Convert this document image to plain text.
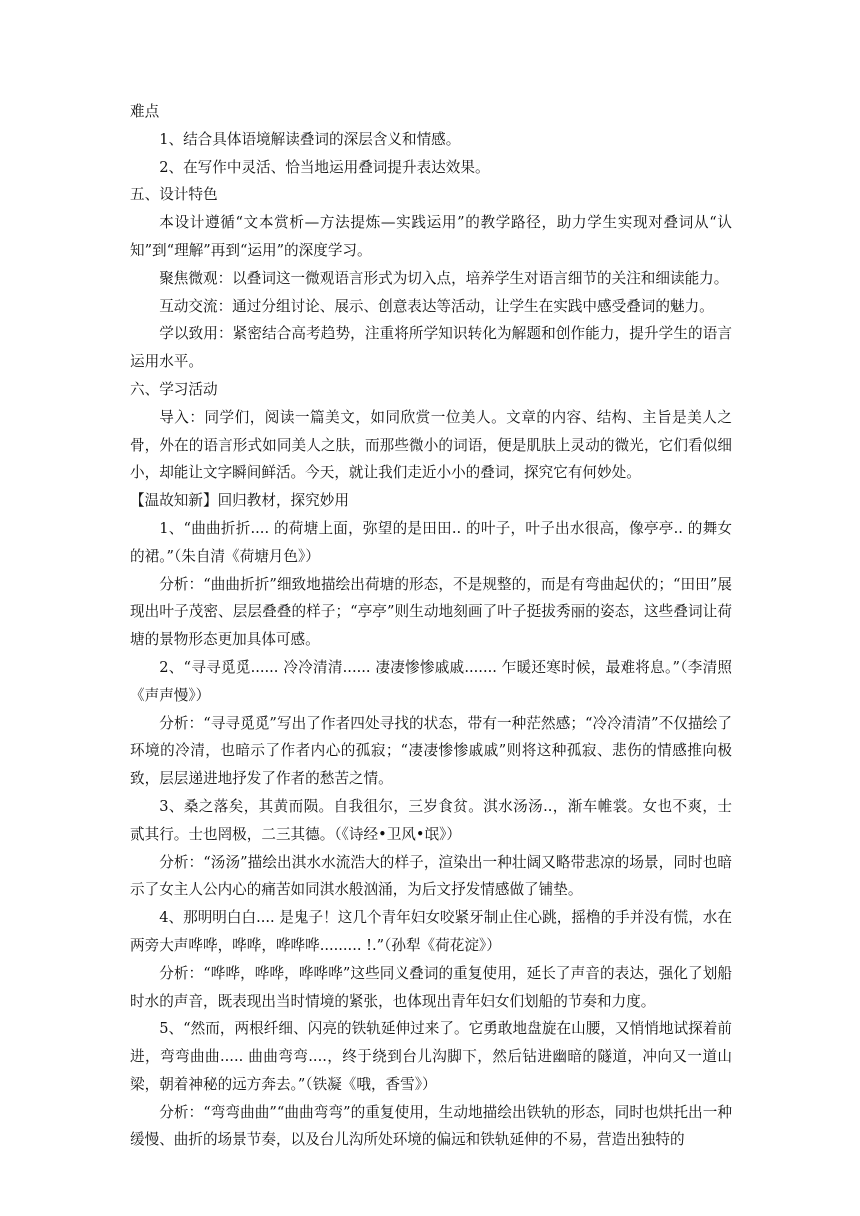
难点

1、结合具体语境解读叠词的深层含义和情感。

2、在写作中灵活、恰当地运用叠词提升表达效果。

五、设计特色

本设计遵循“文本赏析—方法提炼—实践运用”的教学路径，助力学生实现对叠词从“认知”到“理解”再到“运用”的深度学习。

聚焦微观：以叠词这一微观语言形式为切入点，培养学生对语言细节的关注和细读能力。

互动交流：通过分组讨论、展示、创意表达等活动，让学生在实践中感受叠词的魅力。

学以致用：紧密结合高考趋势，注重将所学知识转化为解题和创作能力，提升学生的语言运用水平。

六、学习活动

导入：同学们，阅读一篇美文，如同欣赏一位美人。文章的内容、结构、主旨是美人之骨，外在的语言形式如同美人之肤，而那些微小的词语，便是肌肤上灵动的微光，它们看似细小，却能让文字瞬间鲜活。今天，就让我们走近小小的叠词，探究它有何妙处。

【温故知新】回归教材，探究妙用

1、“曲曲折折.... 的荷塘上面，弥望的是田田.. 的叶子，叶子出水很高，像亭亭.. 的舞女的裙。”（朱自清《荷塘月色》）

分析：“曲曲折折”细致地描绘出荷塘的形态，不是规整的，而是有弯曲起伏的；“田田”展现出叶子茂密、层层叠叠的样子；“亭亭”则生动地刻画了叶子挺拔秀丽的姿态，这些叠词让荷塘的景物形态更加具体可感。

2、“寻寻觅觅...... 冷冷清清...... 凄凄惨惨戚戚....... 乍暖还寒时候，最难将息。”（李清照《声声慢》）

分析：“寻寻觅觅”写出了作者四处寻找的状态，带有一种茫然感；“冷冷清清”不仅描绘了环境的冷清，也暗示了作者内心的孤寂；“凄凄惨惨戚戚”则将这种孤寂、悲伤的情感推向极致，层层递进地抒发了作者的愁苦之情。

3、桑之落矣，其黄而陨。自我徂尔，三岁食贫。淇水汤汤..，渐车帷裳。女也不爽，士贰其行。士也罔极，二三其德。（《诗经•卫风•氓》）

分析：“汤汤”描绘出淇水水流浩大的样子，渲染出一种壮阔又略带悲凉的场景，同时也暗示了女主人公内心的痛苦如同淇水般汹涌，为后文抒发情感做了铺垫。

4、那明明白白.... 是鬼子！这几个青年妇女咬紧牙制止住心跳，摇橹的手并没有慌，水在两旁大声哗哗，哗哗，哗哗哗......... !.”（孙犁《荷花淀》）

分析：“哗哗，哗哗，哗哗哗”这些同义叠词的重复使用，延长了声音的表达，强化了划船时水的声音，既表现出当时情境的紧张，也体现出青年妇女们划船的节奏和力度。

5、“然而，两根纤细、闪亮的铁轨延伸过来了。它勇敢地盘旋在山腰，又悄悄地试探着前进，弯弯曲曲..... 曲曲弯弯....，终于绕到台儿沟脚下，然后钻进幽暗的隧道，冲向又一道山梁，朝着神秘的远方奔去。”（铁凝《哦，香雪》）

分析：“弯弯曲曲”“曲曲弯弯”的重复使用，生动地描绘出铁轨的形态，同时也烘托出一种缓慢、曲折的场景节奏，以及台儿沟所处环境的偏远和铁轨延伸的不易，营造出独特的
